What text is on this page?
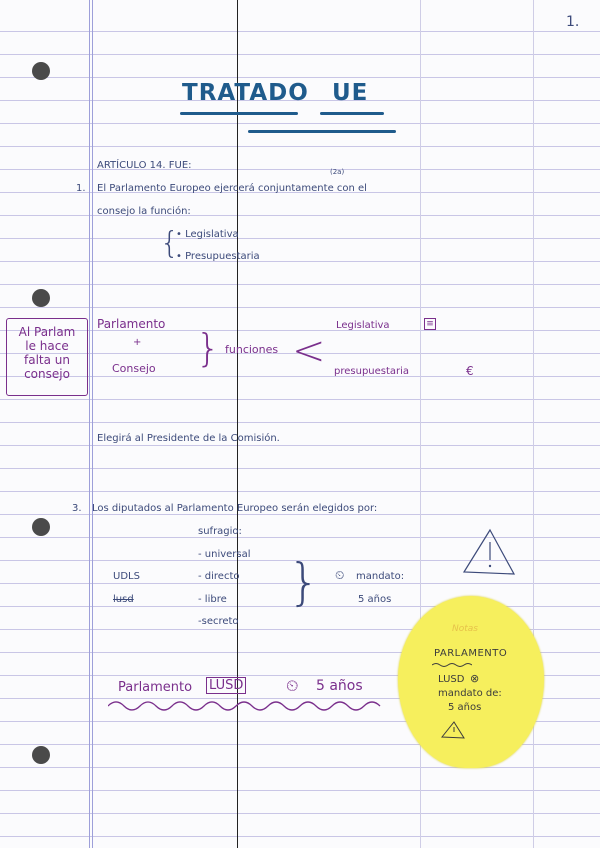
1.
TRATADO UE
ARTÍCULO 14. FUE:
(2a)
1. El Parlamento Europeo ejercerá conjuntamente con el
consejo la función:
{
• Legislativa
• Presupuestaria
Al Parlam
le hace
falta un
consejo
Parlamento
+
Consejo } funciones <
Legislativa	≡
presupuestaria	€
Elegirá al Presidente de la Comisión.
3. Los diputados al Parlamento Europeo serán elegidos por:
sufragio:
- universal
- directo
- libre
-secreto
UDLS
lusd	} ⏲ mandato:
5 años
Parlamento LUSD	⏲ 5 años
Notas
PARLAMENTO
LUSD ⊗
mandato de:
5 años
